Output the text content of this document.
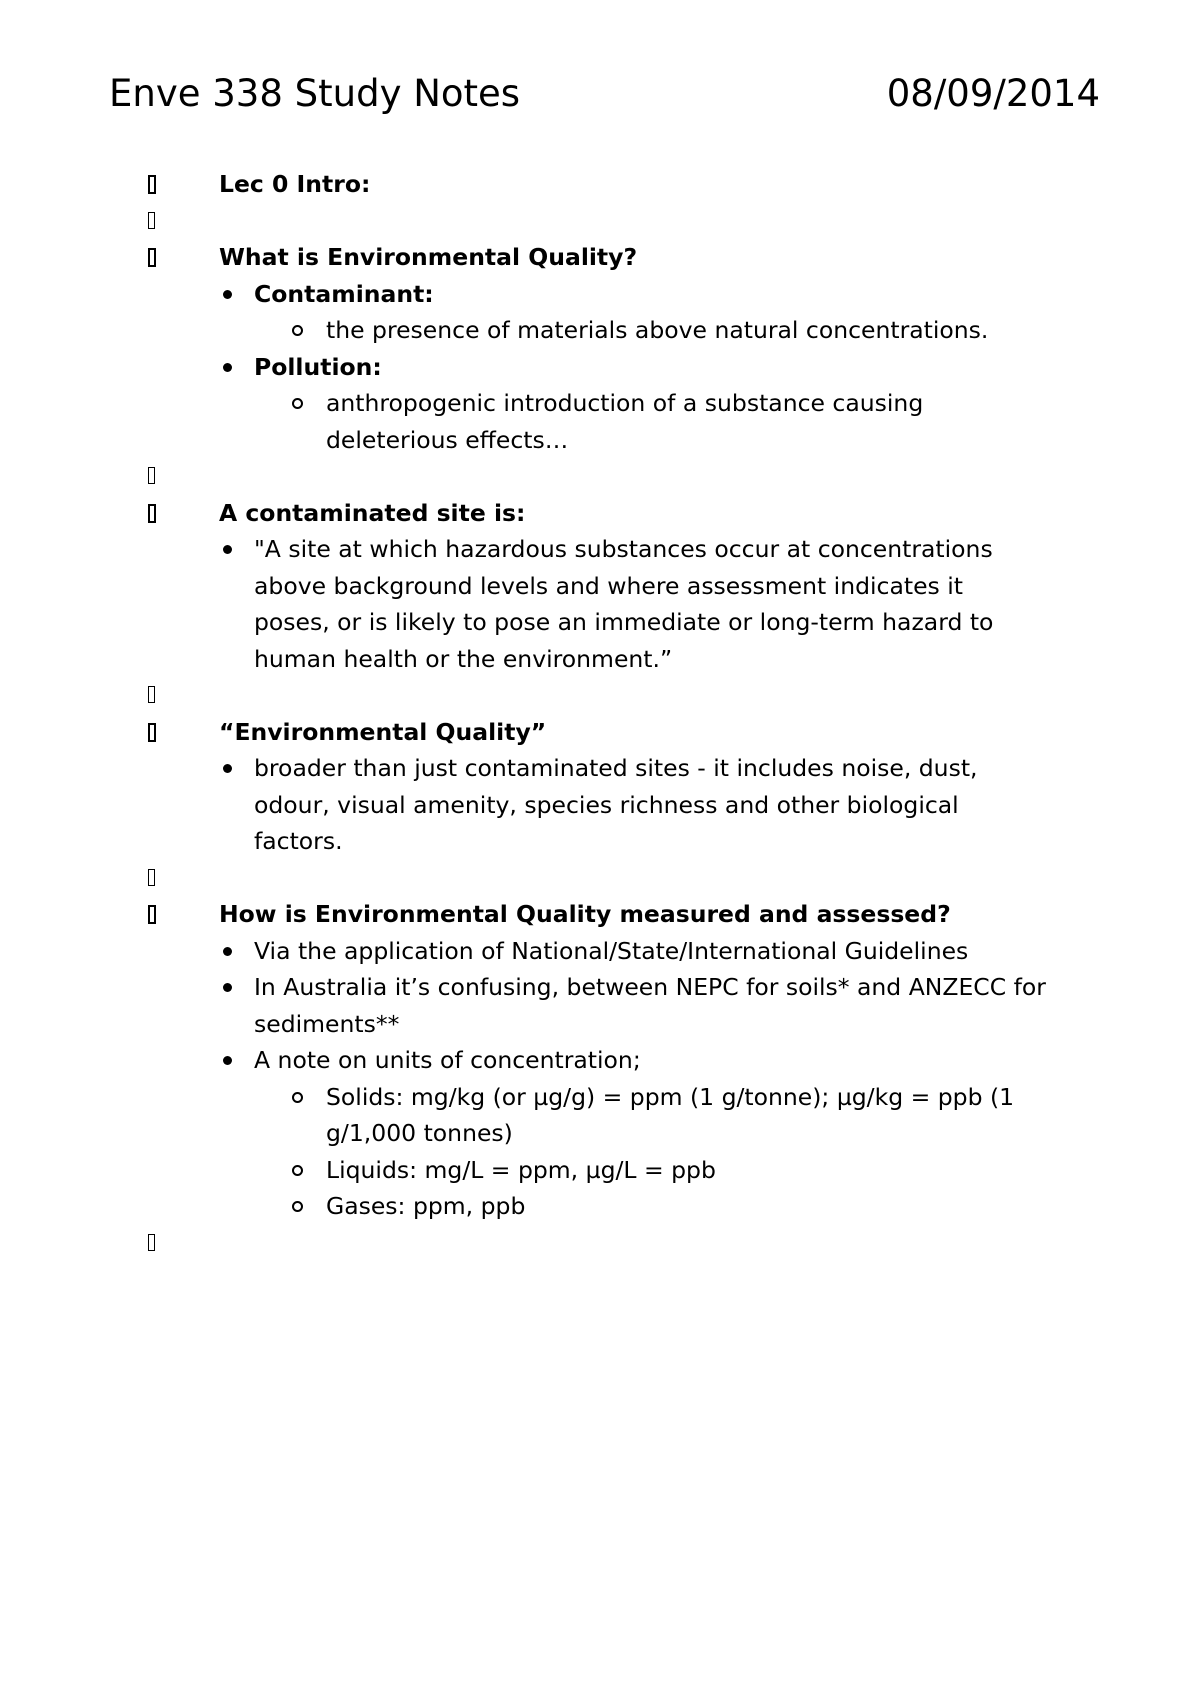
Enve 338 Study Notes	08/09/2014
Lec 0 Intro:
What is Environmental Quality?
Contaminant:
the presence of materials above natural concentrations.
Pollution:
anthropogenic introduction of a substance causing deleterious effects…
A contaminated site is:
"A site at which hazardous substances occur at concentrations above background levels and where assessment indicates it poses, or is likely to pose an immediate or long-term hazard to human health or the environment.”
“Environmental Quality”
broader than just contaminated sites - it includes noise, dust, odour, visual amenity, species richness and other biological factors.
How is Environmental Quality measured and assessed?
Via the application of National/State/International Guidelines
In Australia it’s confusing, between NEPC for soils* and ANZECC for sediments**
A note on units of concentration;
Solids: mg/kg (or µg/g) = ppm (1 g/tonne); µg/kg = ppb (1 g/1,000 tonnes)
Liquids: mg/L = ppm, µg/L = ppb
Gases: ppm, ppb
